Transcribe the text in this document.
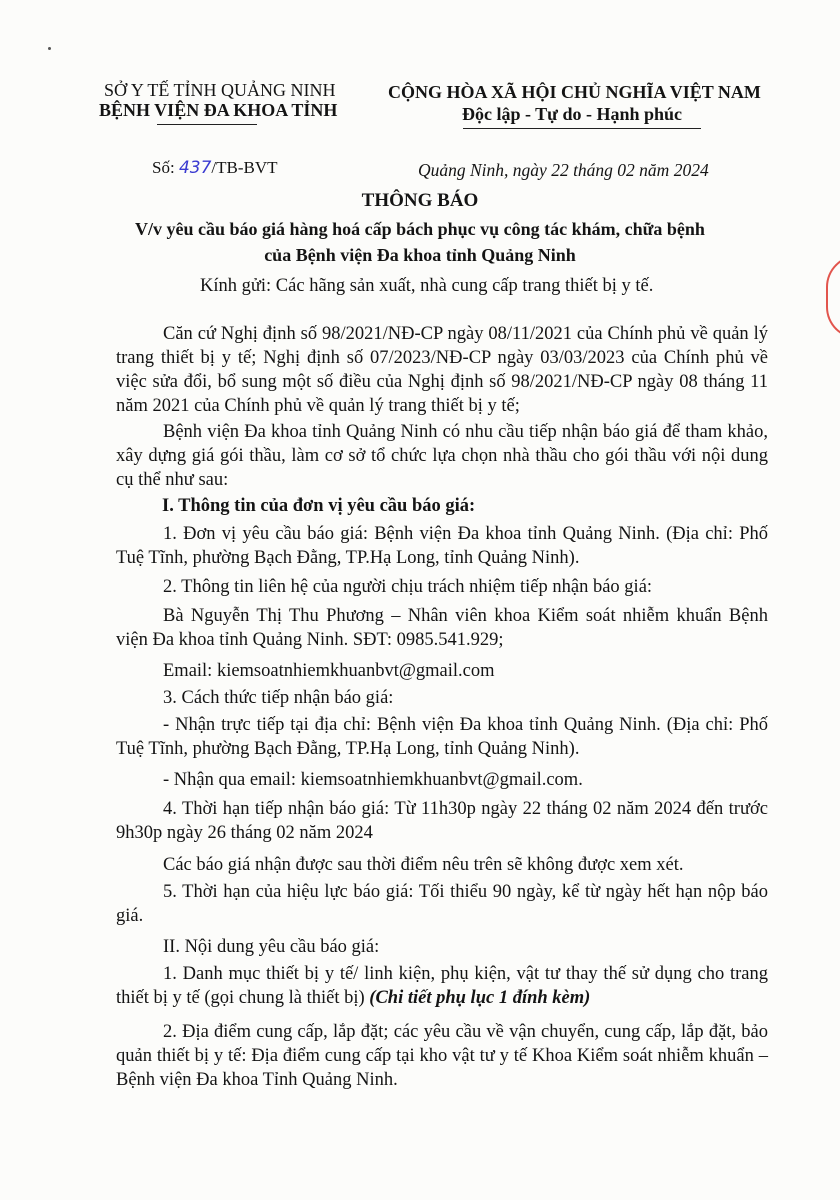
SỞ Y TẾ TỈNH QUẢNG NINH
BỆNH VIỆN ĐA KHOA TỈNH
CỘNG HÒA XÃ HỘI CHỦ NGHĨA VIỆT NAM
Độc lập - Tự do - Hạnh phúc
Số: 437/TB-BVT	Quảng Ninh, ngày 22 tháng 02 năm 2024
THÔNG BÁO
V/v yêu cầu báo giá hàng hoá cấp bách phục vụ công tác khám, chữa bệnh
của Bệnh viện Đa khoa tỉnh Quảng Ninh
Kính gửi: Các hãng sản xuất, nhà cung cấp trang thiết bị y tế.
Căn cứ Nghị định số 98/2021/NĐ-CP ngày 08/11/2021 của Chính phủ về quản lý trang thiết bị y tế; Nghị định số 07/2023/NĐ-CP ngày 03/03/2023 của Chính phủ về việc sửa đổi, bổ sung một số điều của Nghị định số 98/2021/NĐ-CP ngày 08 tháng 11 năm 2021 của Chính phủ về quản lý trang thiết bị y tế;
Bệnh viện Đa khoa tỉnh Quảng Ninh có nhu cầu tiếp nhận báo giá để tham khảo, xây dựng giá gói thầu, làm cơ sở tổ chức lựa chọn nhà thầu cho gói thầu với nội dung cụ thể như sau:
I. Thông tin của đơn vị yêu cầu báo giá:
1. Đơn vị yêu cầu báo giá: Bệnh viện Đa khoa tỉnh Quảng Ninh. (Địa chỉ: Phố Tuệ Tĩnh, phường Bạch Đằng, TP.Hạ Long, tỉnh Quảng Ninh).
2. Thông tin liên hệ của người chịu trách nhiệm tiếp nhận báo giá:
Bà Nguyễn Thị Thu Phương – Nhân viên khoa Kiểm soát nhiễm khuẩn Bệnh viện Đa khoa tỉnh Quảng Ninh. SĐT: 0985.541.929;
Email: kiemsoatnhiemkhuanbvt@gmail.com
3. Cách thức tiếp nhận báo giá:
- Nhận trực tiếp tại địa chỉ: Bệnh viện Đa khoa tỉnh Quảng Ninh. (Địa chỉ: Phố Tuệ Tĩnh, phường Bạch Đằng, TP.Hạ Long, tỉnh Quảng Ninh).
- Nhận qua email: kiemsoatnhiemkhuanbvt@gmail.com.
4. Thời hạn tiếp nhận báo giá: Từ 11h30p ngày 22 tháng 02 năm 2024 đến trước 9h30p ngày 26 tháng 02 năm 2024
Các báo giá nhận được sau thời điểm nêu trên sẽ không được xem xét.
5. Thời hạn của hiệu lực báo giá: Tối thiểu 90 ngày, kể từ ngày hết hạn nộp báo giá.
II. Nội dung yêu cầu báo giá:
1. Danh mục thiết bị y tế/ linh kiện, phụ kiện, vật tư thay thế sử dụng cho trang thiết bị y tế (gọi chung là thiết bị) (Chi tiết phụ lục 1 đính kèm)
2. Địa điểm cung cấp, lắp đặt; các yêu cầu về vận chuyển, cung cấp, lắp đặt, bảo quản thiết bị y tế: Địa điểm cung cấp tại kho vật tư y tế Khoa Kiểm soát nhiễm khuẩn – Bệnh viện Đa khoa Tỉnh Quảng Ninh.
